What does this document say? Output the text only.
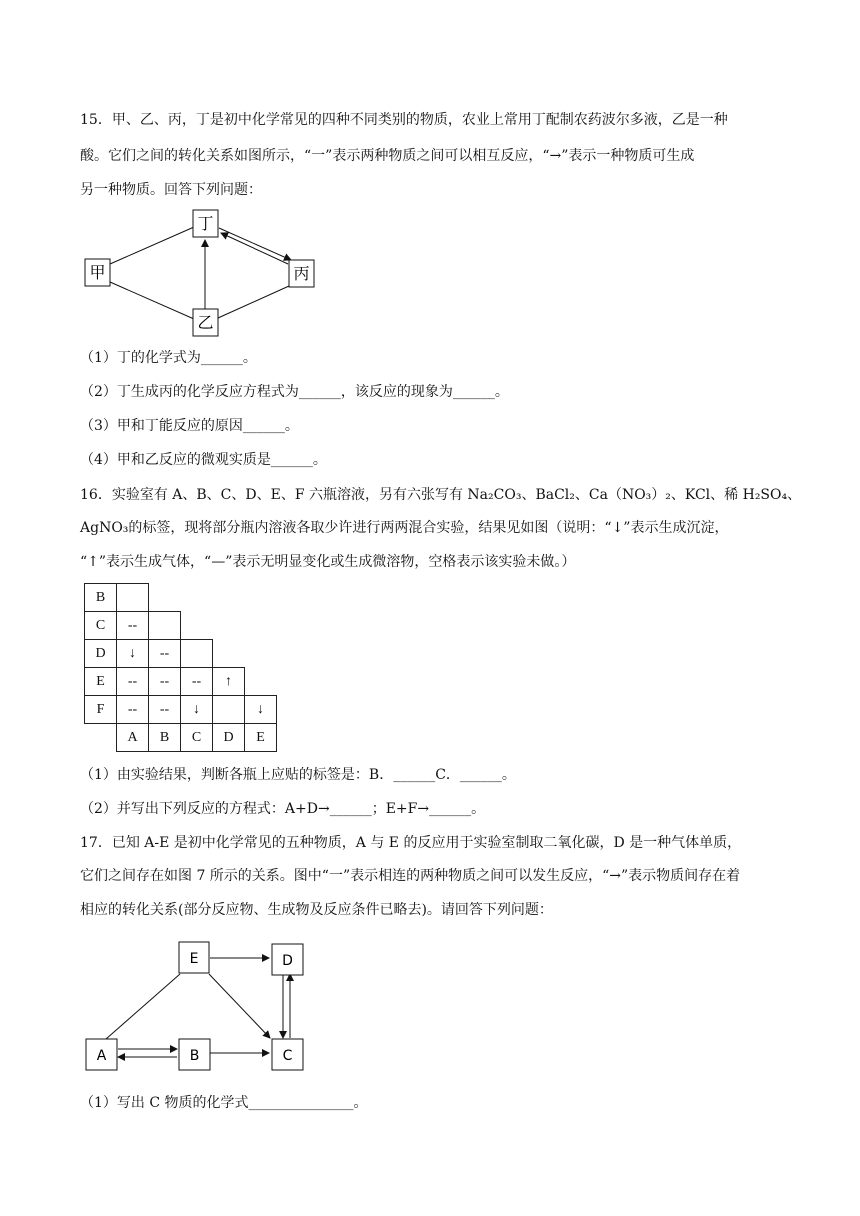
15．甲、乙、丙，丁是初中化学常见的四种不同类别的物质，农业上常用丁配制农药波尔多液，乙是一种
酸。它们之间的转化关系如图所示，“一”表示两种物质之间可以相互反应，“→”表示一种物质可生成
另一种物质。回答下列问题：
丁
甲	丙
乙
（1）丁的化学式为______。
（2）丁生成丙的化学反应方程式为______，该反应的现象为______。
（3）甲和丁能反应的原因______。
（4）甲和乙反应的微观实质是______。
16．实验室有 A、B、C、D、E、F 六瓶溶液，另有六张写有 Na₂CO₃、BaCl₂、Ca（NO₃）₂、KCl、稀 H₂SO₄、
AgNO₃的标签，现将部分瓶内溶液各取少许进行两两混合实验，结果见如图（说明：“↓”表示生成沉淀，
“↑”表示生成气体，“—”表示无明显变化或生成微溶物，空格表示该实验未做。）
B					
C	--				
D	↓	--			
E	--	--	--	↑	
F	--	--	↓		↓
	A	B	C	D	E
（1）由实验结果，判断各瓶上应贴的标签是：B．______C．______。
（2）并写出下列反应的方程式：A+D→______；E+F→______。
17．已知 A-E 是初中化学常见的五种物质，A 与 E 的反应用于实验室制取二氧化碳，D 是一种气体单质，
它们之间存在如图 7 所示的关系。图中“一”表示相连的两种物质之间可以发生反应，“→”表示物质间存在着
相应的转化关系(部分反应物、生成物及反应条件已略去)。请回答下列问题：
E	D
A	B	C
（1）写出 C 物质的化学式_______________。
